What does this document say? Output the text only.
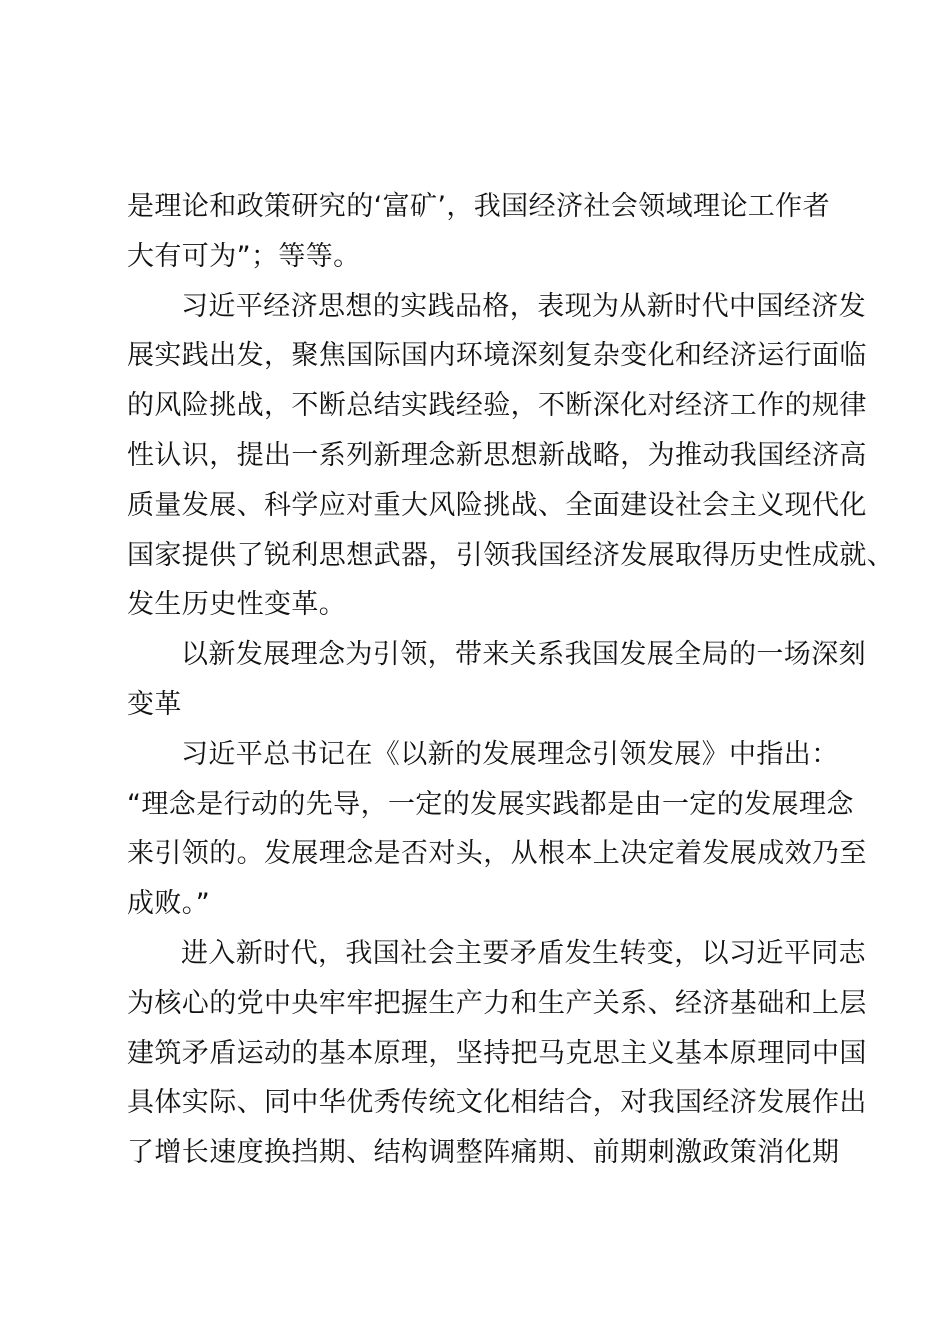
是理论和政策研究的‘富矿’，我国经济社会领域理论工作者
大有可为”；等等。
习近平经济思想的实践品格，表现为从新时代中国经济发
展实践出发，聚焦国际国内环境深刻复杂变化和经济运行面临
的风险挑战，不断总结实践经验，不断深化对经济工作的规律
性认识，提出一系列新理念新思想新战略，为推动我国经济高
质量发展、科学应对重大风险挑战、全面建设社会主义现代化
国家提供了锐利思想武器，引领我国经济发展取得历史性成就、
发生历史性变革。
以新发展理念为引领，带来关系我国发展全局的一场深刻
变革
习近平总书记在《以新的发展理念引领发展》中指出：
“理念是行动的先导，一定的发展实践都是由一定的发展理念
来引领的。发展理念是否对头，从根本上决定着发展成效乃至
成败。”
进入新时代，我国社会主要矛盾发生转变，以习近平同志
为核心的党中央牢牢把握生产力和生产关系、经济基础和上层
建筑矛盾运动的基本原理，坚持把马克思主义基本原理同中国
具体实际、同中华优秀传统文化相结合，对我国经济发展作出
了增长速度换挡期、结构调整阵痛期、前期刺激政策消化期
